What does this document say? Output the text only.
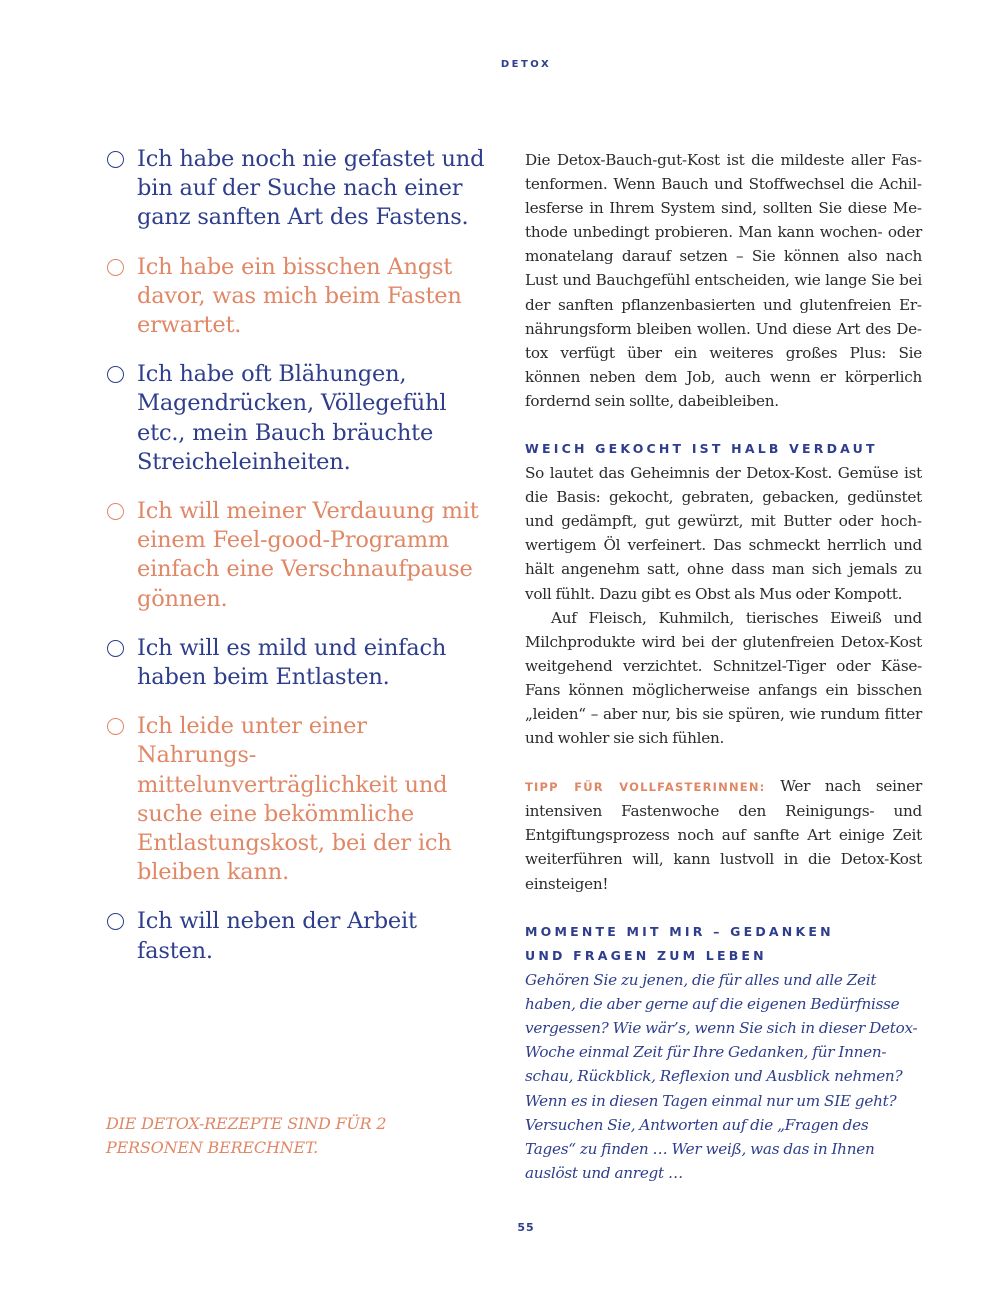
DETOX
Ich habe noch nie gefastet und bin auf der Suche nach einer ganz sanften Art des Fastens.
Ich habe ein bisschen Angst davor, was mich beim Fasten erwartet.
Ich habe oft Blähungen, Magendrücken, Völlegefühl etc., mein Bauch bräuchte Streicheleinheiten.
Ich will meiner Verdauung mit einem Feel-good-Programm einfach eine Verschnaufpause gönnen.
Ich will es mild und einfach haben beim Entlasten.
Ich leide unter einer Nahrungsmittelunverträglichkeit und suche eine bekömmliche Entlastungskost, bei der ich bleiben kann.
Ich will neben der Arbeit fasten.
DIE DETOX-REZEPTE SIND FÜR 2 PERSONEN BERECHNET.

Die Detox-Bauch-gut-Kost ist die mildeste aller Fastenformen. Wenn Bauch und Stoffwechsel die Achillesferse in Ihrem System sind, sollten Sie diese Methode unbedingt probieren. Man kann wochen- oder monatelang darauf setzen – Sie können also nach Lust und Bauchgefühl entscheiden, wie lange Sie bei der sanften pflanzenbasierten und glutenfreien Ernährungsform bleiben wollen. Und diese Art des Detox verfügt über ein weiteres großes Plus: Sie können neben dem Job, auch wenn er körperlich fordernd sein sollte, dabeibleiben.

WEICH GEKOCHT IST HALB VERDAUT

So lautet das Geheimnis der Detox-Kost. Gemüse ist die Basis: gekocht, gebraten, gebacken, gedünstet und gedämpft, gut gewürzt, mit Butter oder hochwertigem Öl verfeinert. Das schmeckt herrlich und hält angenehm satt, ohne dass man sich jemals zu voll fühlt. Dazu gibt es Obst als Mus oder Kompott.

Auf Fleisch, Kuhmilch, tierisches Eiweiß und Milchprodukte wird bei der glutenfreien Detox-Kost weitgehend verzichtet. Schnitzel-Tiger oder Käse-Fans können möglicherweise anfangs ein bisschen „leiden“ – aber nur, bis sie spüren, wie rundum fitter und wohler sie sich fühlen.

TIPP FÜR VOLLFASTERINNEN: Wer nach seiner intensiven Fastenwoche den Reinigungs- und Entgiftungsprozess noch auf sanfte Art einige Zeit weiterführen will, kann lustvoll in die Detox-Kost einsteigen!

MOMENTE MIT MIR – GEDANKEN
UND FRAGEN ZUM LEBEN

Gehören Sie zu jenen, die für alles und alle Zeit haben, die aber gerne auf die eigenen Bedürfnisse vergessen? Wie wär’s, wenn Sie sich in dieser Detox-Woche einmal Zeit für Ihre Gedanken, für Innenschau, Rückblick, Reflexion und Ausblick nehmen? Wenn es in diesen Tagen einmal nur um SIE geht? Versuchen Sie, Antworten auf die „Fragen des Tages“ zu finden … Wer weiß, was das in Ihnen auslöst und anregt …

55
